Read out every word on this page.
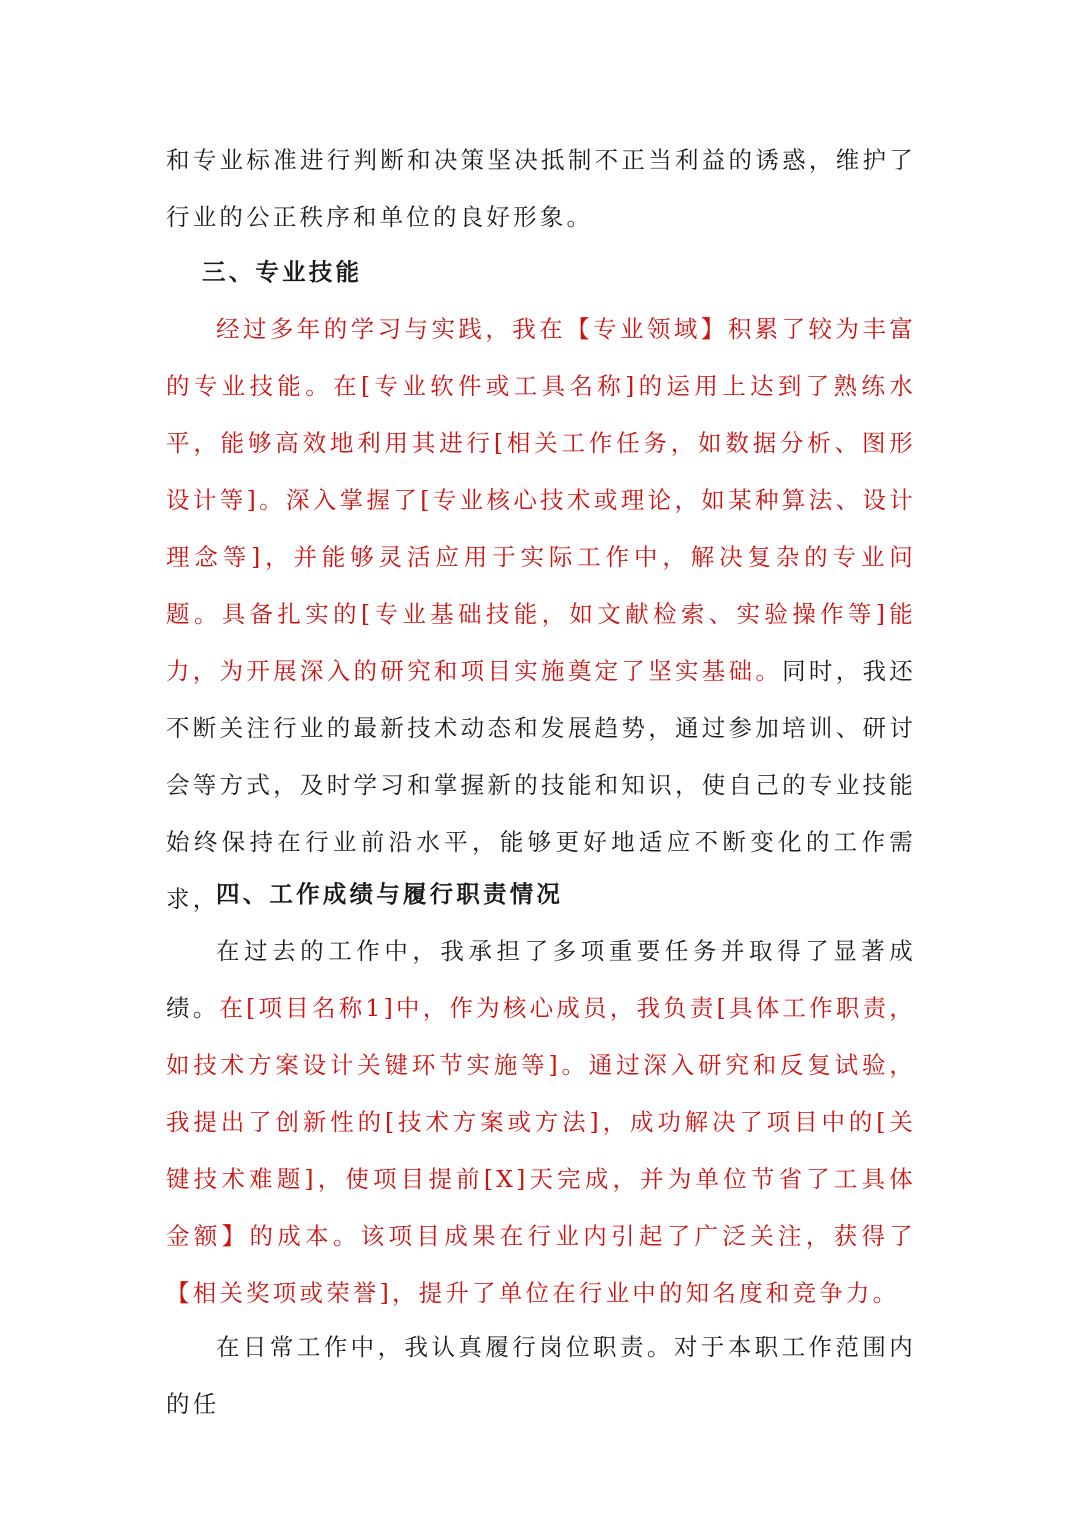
和专业标准进行判断和决策坚决抵制不正当利益的诱惑，维护了行业的公正秩序和单位的良好形象。

三、专业技能

经过多年的学习与实践，我在【专业领域】积累了较为丰富的专业技能。在[专业软件或工具名称]的运用上达到了熟练水平，能够高效地利用其进行[相关工作任务，如数据分析、图形设计等]。深入掌握了[专业核心技术或理论，如某种算法、设计理念等]，并能够灵活应用于实际工作中，解决复杂的专业问题。具备扎实的[专业基础技能，如文献检索、实验操作等]能力，为开展深入的研究和项目实施奠定了坚实基础。同时，我还不断关注行业的最新技术动态和发展趋势，通过参加培训、研讨会等方式，及时学习和掌握新的技能和知识，使自己的专业技能始终保持在行业前沿水平，能够更好地适应不断变化的工作需求，

四、工作成绩与履行职责情况

在过去的工作中，我承担了多项重要任务并取得了显著成绩。在[项目名称1]中，作为核心成员，我负责[具体工作职责，如技术方案设计关键环节实施等]。通过深入研究和反复试验，我提出了创新性的[技术方案或方法]，成功解决了项目中的[关键技术难题]，使项目提前[X]天完成，并为单位节省了工具体金额】的成本。该项目成果在行业内引起了广泛关注，获得了【相关奖项或荣誉]，提升了单位在行业中的知名度和竞争力。

在日常工作中，我认真履行岗位职责。对于本职工作范围内的任
